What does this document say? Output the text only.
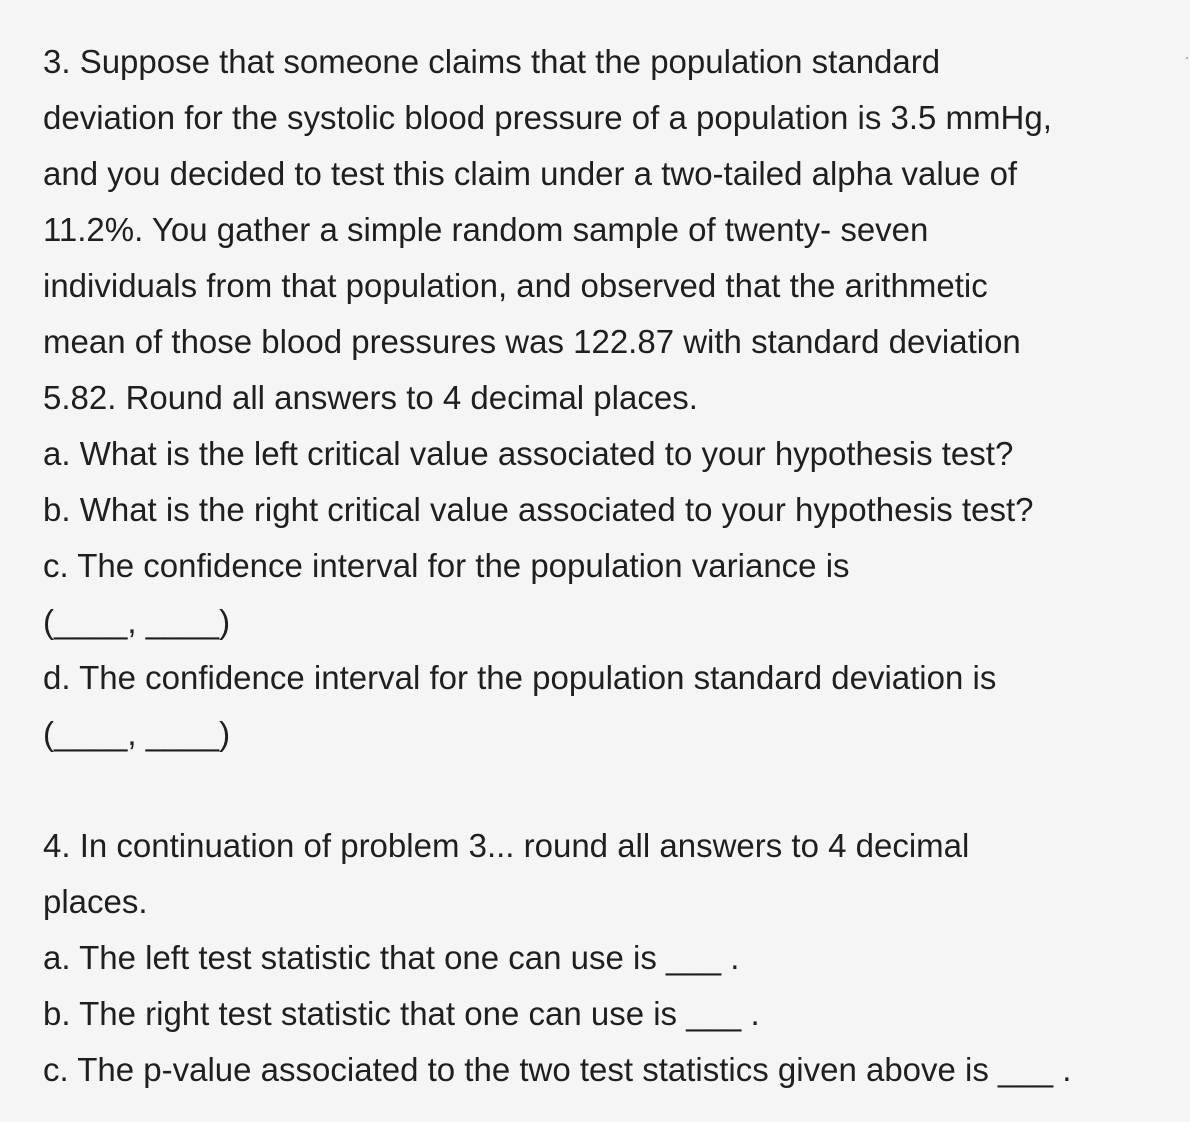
3. Suppose that someone claims that the population standard
deviation for the systolic blood pressure of a population is 3.5 mmHg,
and you decided to test this claim under a two-tailed alpha value of
11.2%. You gather a simple random sample of twenty- seven
individuals from that population, and observed that the arithmetic
mean of those blood pressures was 122.87 with standard deviation
5.82. Round all answers to 4 decimal places.
a. What is the left critical value associated to your hypothesis test?
b. What is the right critical value associated to your hypothesis test?
c. The confidence interval for the population variance is
(____, ____)
d. The confidence interval for the population standard deviation is
(____, ____)
4. In continuation of problem 3... round all answers to 4 decimal
places.
a. The left test statistic that one can use is ___ .
b. The right test statistic that one can use is ___ .
c. The p-value associated to the two test statistics given above is ___ .
